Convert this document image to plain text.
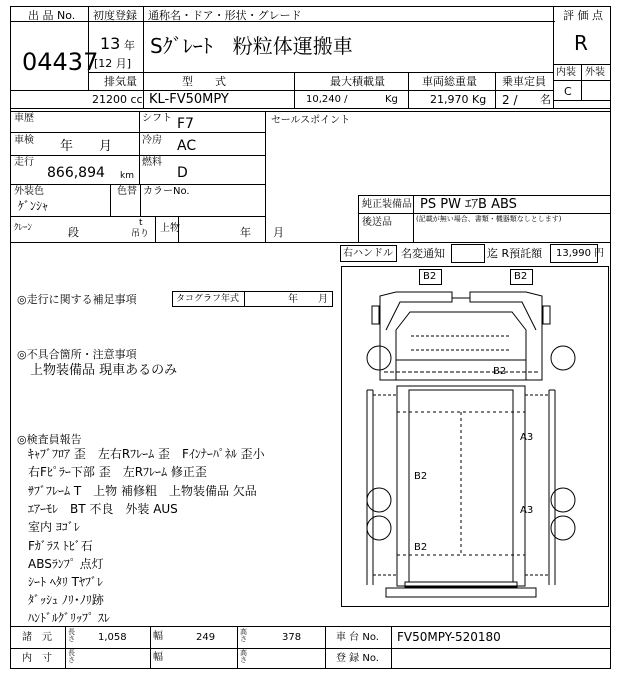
出 品 No.
04437
初度登録
13 年
[12 月]
通称名・ドア・形状・グレード
Sｸﾞﾚｰﾄ　粉粒体運搬車
評 価 点
R
内装 外装
C
排気量	型　　式	最大積載量	車両総重量 乗車定員
21200 cc KL-FV50MPY	10,240 /	Kg	21,970 Kg 2 / 名
車歴	シフト F7
車検 年　　月	冷房 AC
走行
866,894 km
燃料
D
外装色
ｹﾞﾝｼｬ
色替 カラーNo.
ｸﾚｰﾝ	段
t
吊り 上物	年　　月
セールスポイント
純正装備品 PS PW ｴｱB ABS
後送品	(記載が無い場合、書類・機器類なしとします)
右ハンドル 名変通知	迄 R預託額 13,990 円
◎走行に関する補足事項	タコグラフ年式	年　　月
◎不具合箇所・注意事項
上物装備品 現車あるのみ
◎検査員報告
ｷｬﾌﾞﾌﾛｱ 歪　左右Rﾌﾚｰﾑ 歪　Fｲﾝﾅｰﾊﾟﾈﾙ 歪小
右Fﾋﾟﾗｰ下部 歪　左Rﾌﾚｰﾑ 修正歪
ｻﾌﾞﾌﾚｰﾑ T　上物 補修粗　上物装備品 欠品
ｴｱｰﾓﾚ　BT 不良　外装 AUS
室内 ﾖｺﾞﾚ
Fｶﾞﾗｽ ﾄﾋﾞ石
ABSﾗﾝﾌﾟ 点灯
ｼｰﾄ ﾍﾀﾘ Tﾔﾌﾞﾚ
ﾀﾞｯｼｭ ﾉﾘ･ﾉﾘ跡
ﾊﾝﾄﾞﾙｸﾞﾘｯﾌﾟ ｽﾚ
B2	B2
B2
A3
B2
A3
B2
諸　元 長さ 1,058	幅	249	高さ	378	車 台 No. FV50MPY-520180
内　寸 長さ	幅	高さ	登 録 No.
